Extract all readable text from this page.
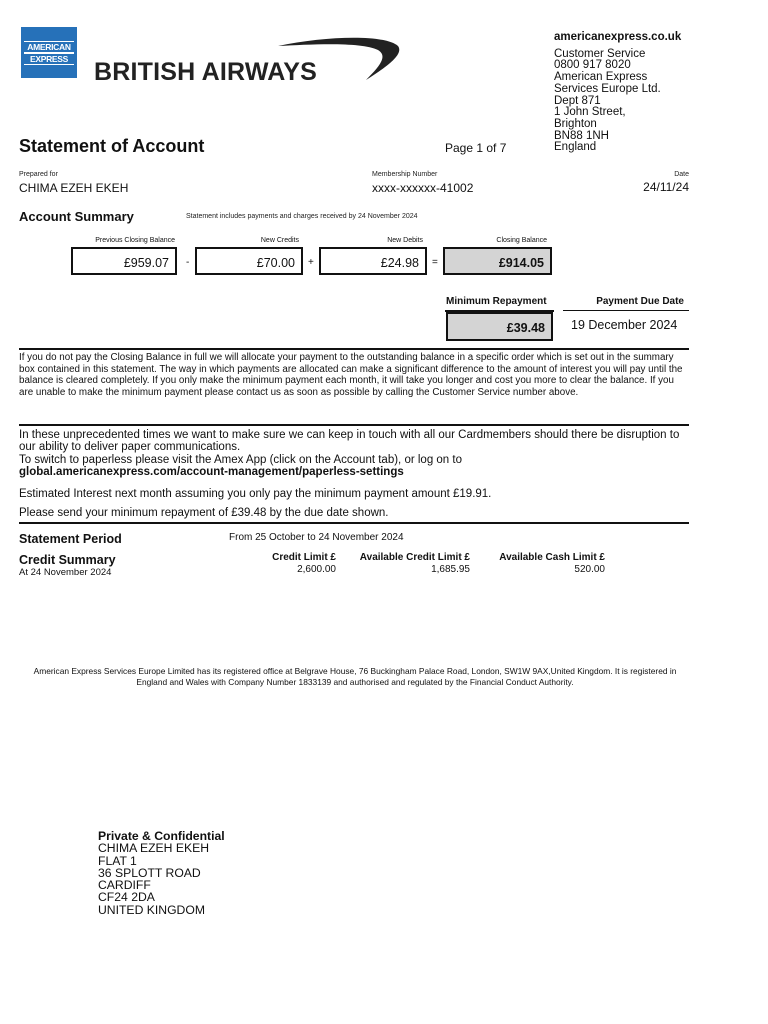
AMERICAN
EXPRESS BRITISH AIRWAYS
americanexpress.co.uk
Customer Service
0800 917 8020
American Express
Services Europe Ltd.
Dept 871
1 John Street,
Brighton
BN88 1NH
England
Statement of Account	Page 1 of 7
Prepared for
CHIMA EZEH EKEH
Membership Number
xxxx-xxxxxx-41002
Date
24/11/24
Account Summary	Statement includes payments and charges received by 24 November 2024
Previous Closing Balance
£959.07	-
New Credits
£70.00	+
New Debits
£24.98	=
Closing Balance
£914.05
Minimum Repayment
£39.48
Payment Due Date
19 December 2024
If you do not pay the Closing Balance in full we will allocate your payment to the outstanding balance in a specific order which is set out in the summary box contained in this statement. The way in which payments are allocated can make a significant difference to the amount of interest you will pay until the balance is cleared completely. If you only make the minimum payment each month, it will take you longer and cost you more to clear the balance. If you are unable to make the minimum payment please contact us as soon as possible by calling the Customer Service number above.
In these unprecedented times we want to make sure we can keep in touch with all our Cardmembers should there be disruption to our ability to deliver paper communications.
To switch to paperless please visit the Amex App (click on the Account tab), or log on to
global.americanexpress.com/account-management/paperless-settings
Estimated Interest next month assuming you only pay the minimum payment amount £19.91.
Please send your minimum repayment of £39.48 by the due date shown.
Statement Period	From 25 October to 24 November 2024
Credit Summary
At 24 November 2024
Credit Limit £
2,600.00
Available Credit Limit £
1,685.95
Available Cash Limit £
520.00
American Express Services Europe Limited has its registered office at Belgrave House, 76 Buckingham Palace Road, London, SW1W 9AX,United Kingdom. It is registered in England and Wales with Company Number 1833139 and authorised and regulated by the Financial Conduct Authority.
Private & Confidential
CHIMA EZEH EKEH
FLAT 1
36 SPLOTT ROAD
CARDIFF
CF24 2DA
UNITED KINGDOM
